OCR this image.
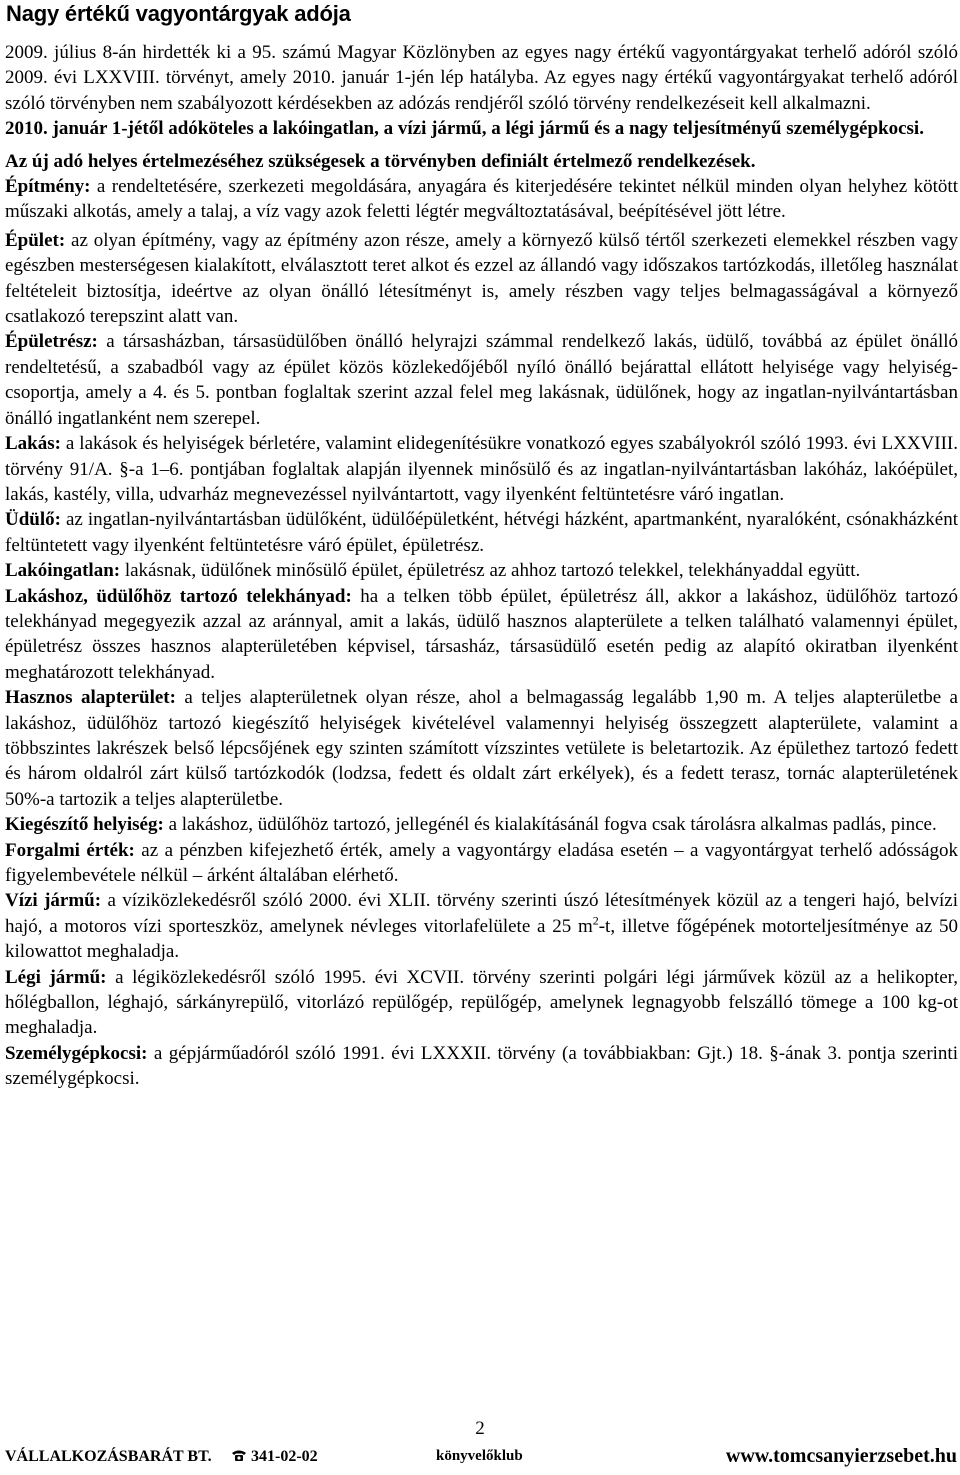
Nagy értékű vagyontárgyak adója

2009. július 8-án hirdették ki a 95. számú Magyar Közlönyben az egyes nagy értékű vagyontárgyakat terhelő adóról szóló 2009. évi LXXVIII. törvényt, amely 2010. január 1-jén lép hatályba. Az egyes nagy értékű vagyontárgyakat terhelő adóról szóló törvényben nem szabályozott kérdésekben az adózás rendjéről szóló törvény rendelkezéseit kell alkalmazni.

2010. január 1-jétől adóköteles a lakóingatlan, a vízi jármű, a légi jármű és a nagy teljesítményű személygépkocsi.

Az új adó helyes értelmezéséhez szükségesek a törvényben definiált értelmező rendelkezések.

Építmény: a rendeltetésére, szerkezeti megoldására, anyagára és kiterjedésére tekintet nélkül minden olyan helyhez kötött műszaki alkotás, amely a talaj, a víz vagy azok feletti légtér megváltoztatásával, beépítésével jött létre.

Épület: az olyan építmény, vagy az építmény azon része, amely a környező külső tértől szerkezeti elemekkel részben vagy egészben mesterségesen kialakított, elválasztott teret alkot és ezzel az állandó vagy időszakos tartózkodás, illetőleg használat feltételeit biztosítja, ideértve az olyan önálló létesítményt is, amely részben vagy teljes belmagasságával a környező csatlakozó terepszint alatt van.

Épületrész: a társasházban, társasüdülőben önálló helyrajzi számmal rendelkező lakás, üdülő, továbbá az épület önálló rendeltetésű, a szabadból vagy az épület közös közlekedőjéből nyíló önálló bejárattal ellátott helyisége vagy helyiség-csoportja, amely a 4. és 5. pontban foglaltak szerint azzal felel meg lakásnak, üdülőnek, hogy az ingatlan-nyilvántartásban önálló ingatlanként nem szerepel.

Lakás: a lakások és helyiségek bérletére, valamint elidegenítésükre vonatkozó egyes szabályokról szóló 1993. évi LXXVIII. törvény 91/A. §-a 1–6. pontjában foglaltak alapján ilyennek minősülő és az ingatlan-nyilvántartásban lakóház, lakóépület, lakás, kastély, villa, udvarház megnevezéssel nyilvántartott, vagy ilyenként feltüntetésre váró ingatlan.

Üdülő: az ingatlan-nyilvántartásban üdülőként, üdülőépületként, hétvégi házként, apartmanként, nyaralóként, csónakházként feltüntetett vagy ilyenként feltüntetésre váró épület, épületrész.

Lakóingatlan: lakásnak, üdülőnek minősülő épület, épületrész az ahhoz tartozó telekkel, telekhányaddal együtt.

Lakáshoz, üdülőhöz tartozó telekhányad: ha a telken több épület, épületrész áll, akkor a lakáshoz, üdülőhöz tartozó telekhányad megegyezik azzal az aránnyal, amit a lakás, üdülő hasznos alapterülete a telken található valamennyi épület, épületrész összes hasznos alapterületében képvisel, társasház, társasüdülő esetén pedig az alapító okiratban ilyenként meghatározott telekhányad.

Hasznos alapterület: a teljes alapterületnek olyan része, ahol a belmagasság legalább 1,90 m. A teljes alapterületbe a lakáshoz, üdülőhöz tartozó kiegészítő helyiségek kivételével valamennyi helyiség összegzett alapterülete, valamint a többszintes lakrészek belső lépcsőjének egy szinten számított vízszintes vetülete is beletartozik. Az épülethez tartozó fedett és három oldalról zárt külső tartózkodók (lodzsa, fedett és oldalt zárt erkélyek), és a fedett terasz, tornác alapterületének 50%-a tartozik a teljes alapterületbe.

Kiegészítő helyiség: a lakáshoz, üdülőhöz tartozó, jellegénél és kialakításánál fogva csak tárolásra alkalmas padlás, pince.

Forgalmi érték: az a pénzben kifejezhető érték, amely a vagyontárgy eladása esetén – a vagyontárgyat terhelő adósságok figyelembevétele nélkül – árként általában elérhető.

Vízi jármű: a víziközlekedésről szóló 2000. évi XLII. törvény szerinti úszó létesítmények közül az a tengeri hajó, belvízi hajó, a motoros vízi sporteszköz, amelynek névleges vitorlafelülete a 25 $m^2-t$, illetve főgépének motorteljesítménye az 50 kilowattot meghaladja.

Légi jármű: a légiközlekedésről szóló 1995. évi XCVII. törvény szerinti polgári légi járművek közül az a helikopter, hőlégballon, léghajó, sárkányrepülő, vitorlázó repülőgép, repülőgép, amelynek legnagyobb felszálló tömege a 100 kg-ot meghaladja.

Személygépkocsi: a gépjárműadóról szóló 1991. évi LXXXII. törvény (a továbbiakban: Gjt.) 18. §-ának 3. pontja szerinti személygépkocsi.

2
VÁLLALKOZÁSBARÁT BT.	341-02-02	könyvelőklub	www.tomcsanyierzsebet.hu
